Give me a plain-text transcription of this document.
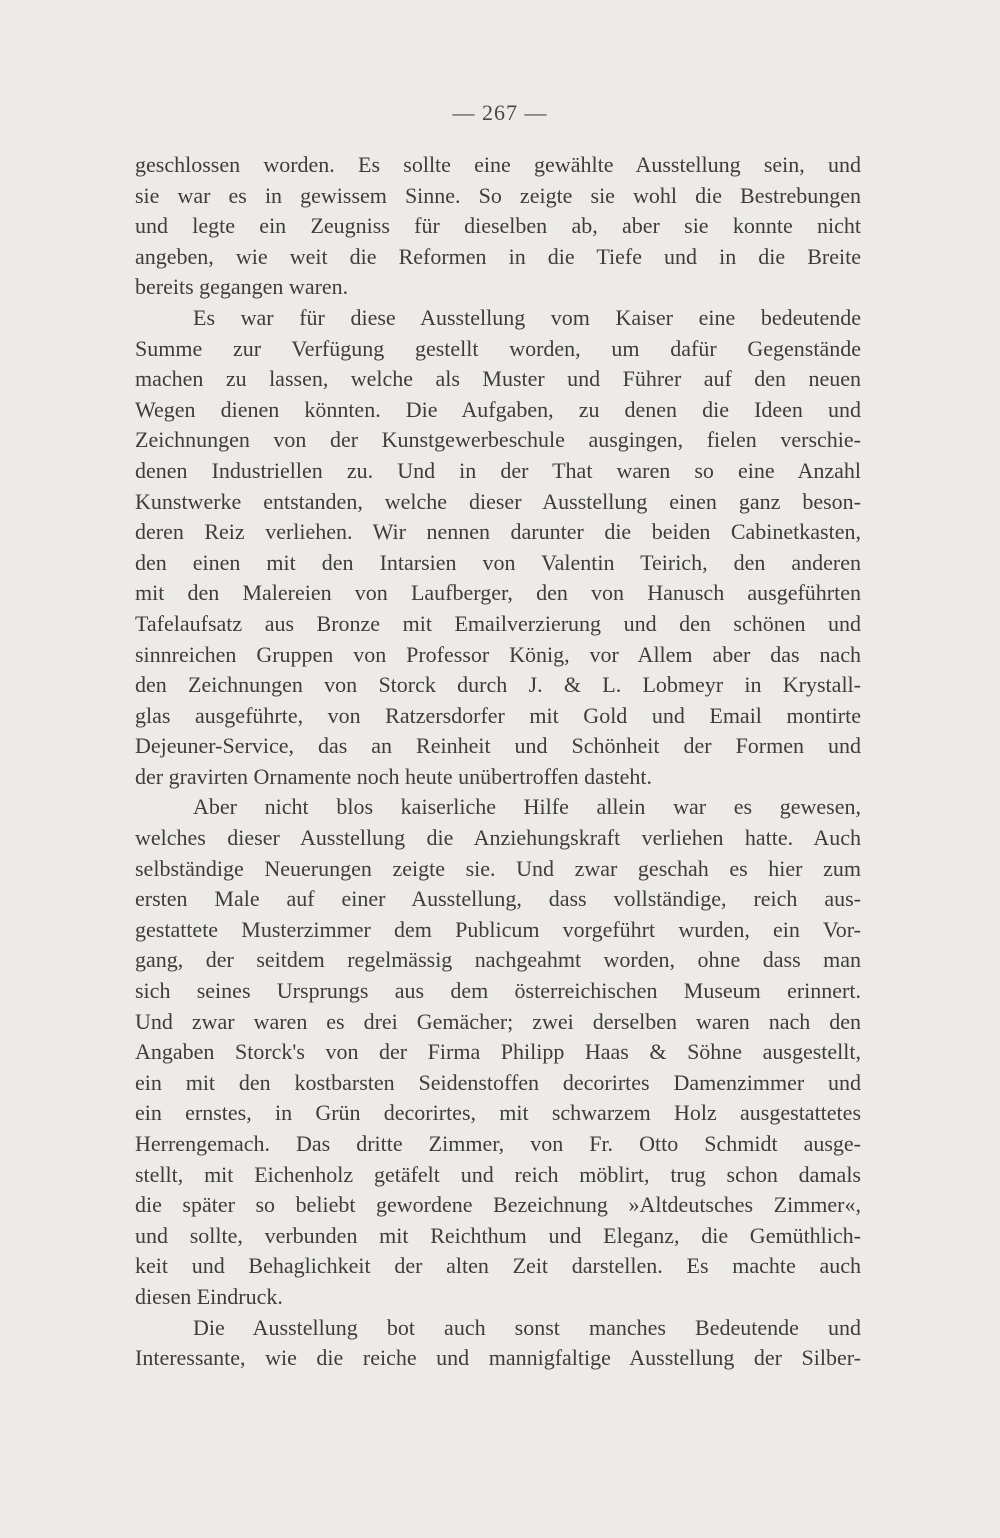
— 267 —
geschlossen worden. Es sollte eine gewählte Ausstellung sein, und
sie war es in gewissem Sinne. So zeigte sie wohl die Bestrebungen
und legte ein Zeugniss für dieselben ab, aber sie konnte nicht
angeben, wie weit die Reformen in die Tiefe und in die Breite
bereits gegangen waren.
Es war für diese Ausstellung vom Kaiser eine bedeutende
Summe zur Verfügung gestellt worden, um dafür Gegenstände
machen zu lassen, welche als Muster und Führer auf den neuen
Wegen dienen könnten. Die Aufgaben, zu denen die Ideen und
Zeichnungen von der Kunstgewerbeschule ausgingen, fielen verschie-
denen Industriellen zu. Und in der That waren so eine Anzahl
Kunstwerke entstanden, welche dieser Ausstellung einen ganz beson-
deren Reiz verliehen. Wir nennen darunter die beiden Cabinetkasten,
den einen mit den Intarsien von Valentin Teirich, den anderen
mit den Malereien von Laufberger, den von Hanusch ausgeführten
Tafelaufsatz aus Bronze mit Emailverzierung und den schönen und
sinnreichen Gruppen von Professor König, vor Allem aber das nach
den Zeichnungen von Storck durch J. & L. Lobmeyr in Krystall-
glas ausgeführte, von Ratzersdorfer mit Gold und Email montirte
Dejeuner-Service, das an Reinheit und Schönheit der Formen und
der gravirten Ornamente noch heute unübertroffen dasteht.
Aber nicht blos kaiserliche Hilfe allein war es gewesen,
welches dieser Ausstellung die Anziehungskraft verliehen hatte. Auch
selbständige Neuerungen zeigte sie. Und zwar geschah es hier zum
ersten Male auf einer Ausstellung, dass vollständige, reich aus-
gestattete Musterzimmer dem Publicum vorgeführt wurden, ein Vor-
gang, der seitdem regelmässig nachgeahmt worden, ohne dass man
sich seines Ursprungs aus dem österreichischen Museum erinnert.
Und zwar waren es drei Gemächer; zwei derselben waren nach den
Angaben Storck's von der Firma Philipp Haas & Söhne ausgestellt,
ein mit den kostbarsten Seidenstoffen decorirtes Damenzimmer und
ein ernstes, in Grün decorirtes, mit schwarzem Holz ausgestattetes
Herrengemach. Das dritte Zimmer, von Fr. Otto Schmidt ausge-
stellt, mit Eichenholz getäfelt und reich möblirt, trug schon damals
die später so beliebt gewordene Bezeichnung »Altdeutsches Zimmer«,
und sollte, verbunden mit Reichthum und Eleganz, die Gemüthlich-
keit und Behaglichkeit der alten Zeit darstellen. Es machte auch
diesen Eindruck.
Die Ausstellung bot auch sonst manches Bedeutende und
Interessante, wie die reiche und mannigfaltige Ausstellung der Silber-
